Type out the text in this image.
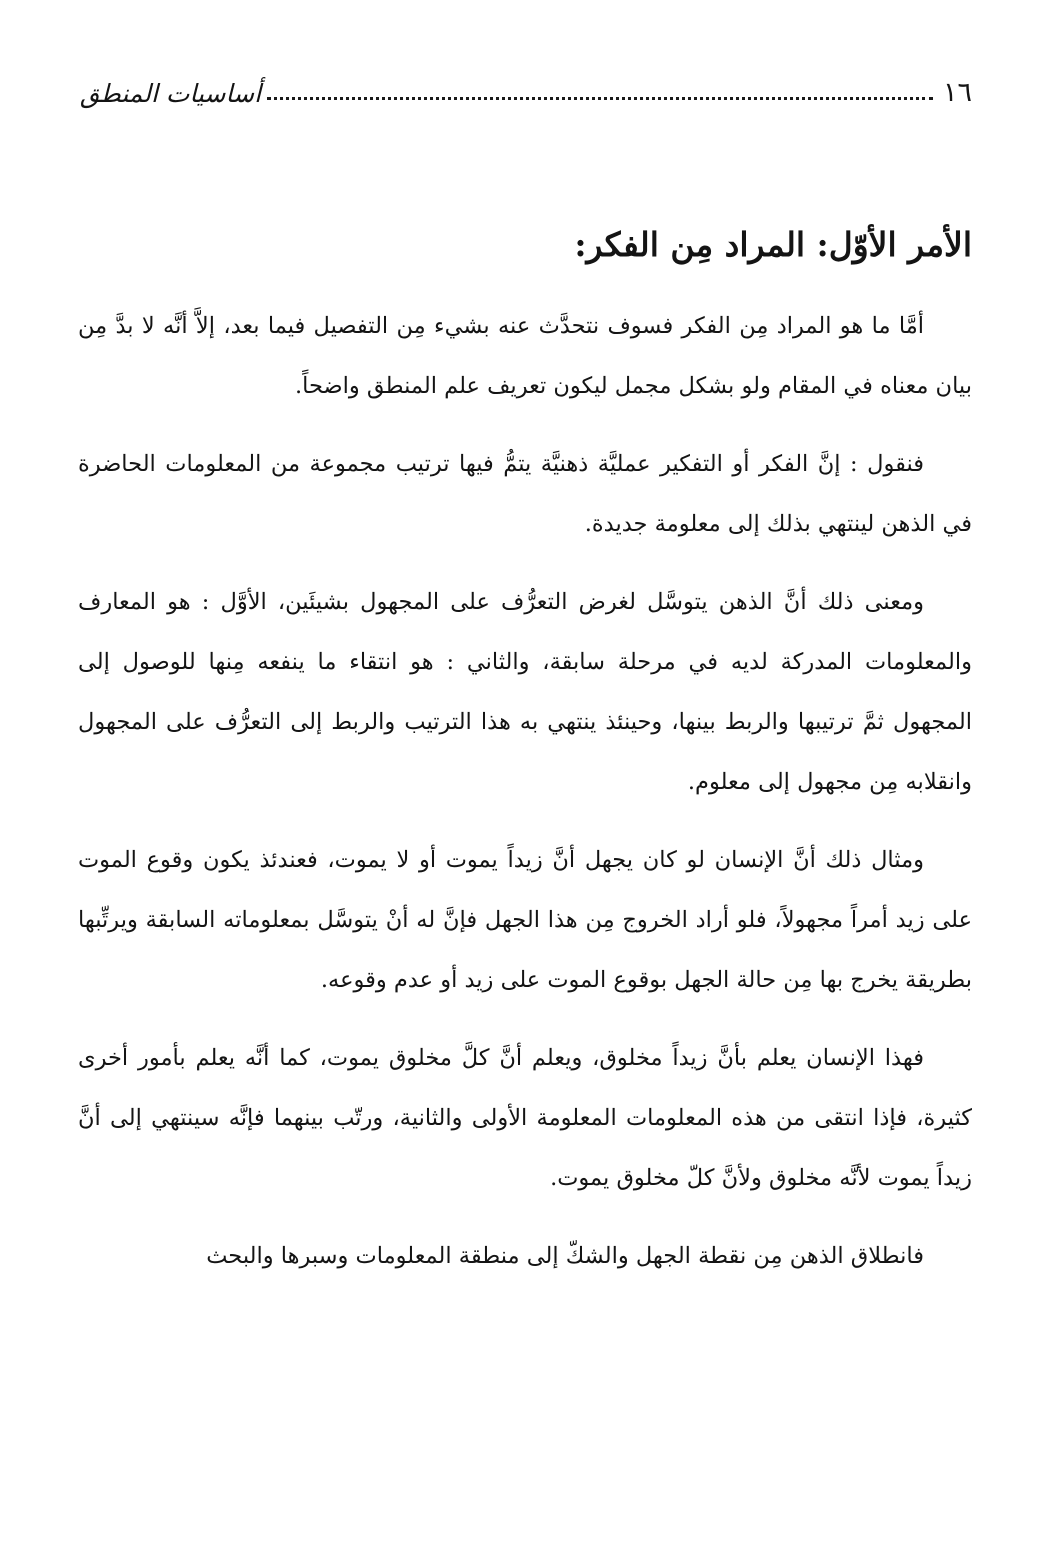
١٦
أساسيات المنطق
الأمر الأوّل: المراد مِن الفكر:

أمَّا ما هو المراد مِن الفكر فسوف نتحدَّث عنه بشيء مِن التفصيل فيما بعد، إلاَّ أنَّه لا بدَّ مِن بيان معناه في المقام ولو بشكل مجمل ليكون تعريف علم المنطق واضحاً.

فنقول : إنَّ الفكر أو التفكير عمليَّة ذهنيَّة يتمُّ فيها ترتيب مجموعة من المعلومات الحاضرة في الذهن لينتهي بذلك إلى معلومة جديدة.

ومعنى ذلك أنَّ الذهن يتوسَّل لغرض التعرُّف على المجهول بشيئَين، الأوَّل : هو المعارف والمعلومات المدركة لديه في مرحلة سابقة، والثاني : هو انتقاء ما ينفعه مِنها للوصول إلى المجهول ثمَّ ترتيبها والربط بينها، وحينئذ ينتهي به هذا الترتيب والربط إلى التعرُّف على المجهول وانقلابه مِن مجهول إلى معلوم.

ومثال ذلك أنَّ الإنسان لو كان يجهل أنَّ زيداً يموت أو لا يموت، فعندئذ يكون وقوع الموت على زيد أمراً مجهولاً، فلو أراد الخروج مِن هذا الجهل فإنَّ له أنْ يتوسَّل بمعلوماته السابقة ويرتِّبها بطريقة يخرج بها مِن حالة الجهل بوقوع الموت على زيد أو عدم وقوعه.

فهذا الإنسان يعلم بأنَّ زيداً مخلوق، ويعلم أنَّ كلَّ مخلوق يموت، كما أنَّه يعلم بأمور أخرى كثيرة، فإذا انتقى من هذه المعلومات المعلومة الأولى والثانية، ورتّب بينهما فإنَّه سينتهي إلى أنَّ زيداً يموت لأنَّه مخلوق ولأنَّ كلّ مخلوق يموت.

فانطلاق الذهن مِن نقطة الجهل والشكّ إلى منطقة المعلومات وسبرها والبحث
